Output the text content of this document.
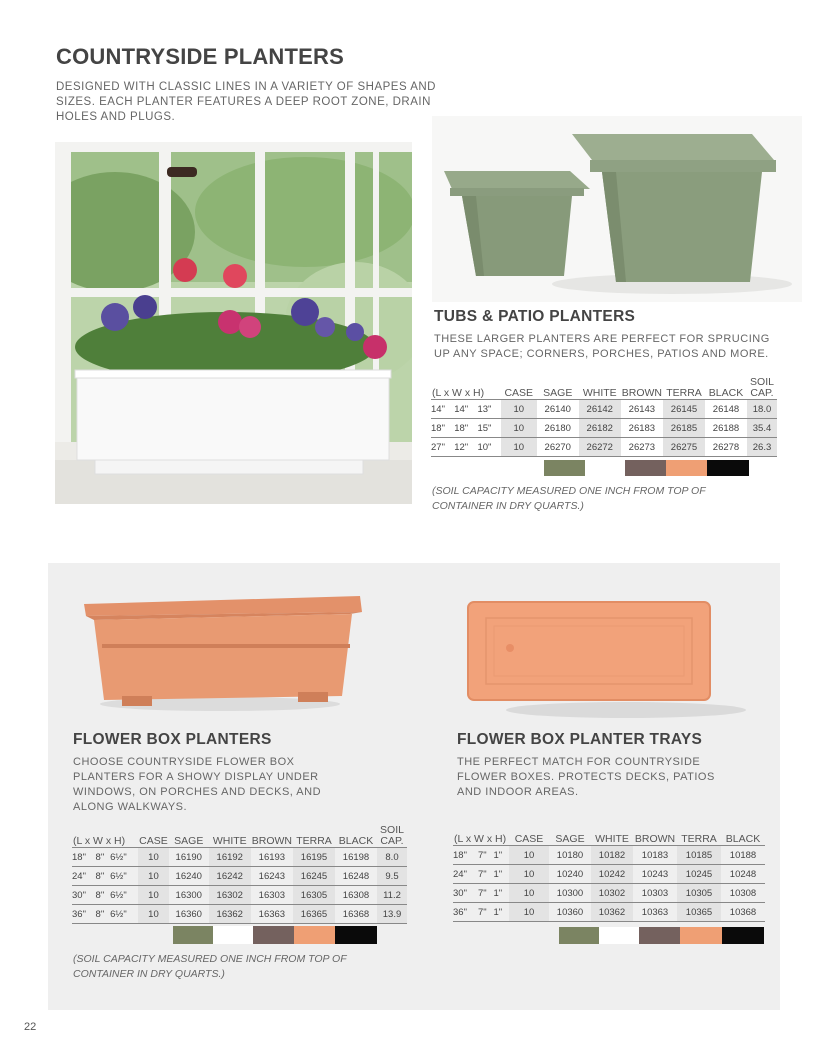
COUNTRYSIDE PLANTERS
DESIGNED WITH CLASSIC LINES IN A VARIETY OF SHAPES AND SIZES. EACH PLANTER FEATURES A DEEP ROOT ZONE, DRAIN HOLES AND PLUGS.
TUBS & PATIO PLANTERS
THESE LARGER PLANTERS ARE PERFECT FOR SPRUCING UP ANY SPACE; CORNERS, PORCHES, PATIOS AND MORE.
(L x W x H)			CASE	SAGE	WHITE	BROWN	TERRA	BLACK	SOIL CAP.
14ʺ	14ʺ	13ʺ	10	26140	26142	26143	26145	26148	18.0
18ʺ	18ʺ	15ʺ	10	26180	26182	26183	26185	26188	35.4
27ʺ	12ʺ	10ʺ	10	26270	26272	26273	26275	26278	26.3
(SOIL CAPACITY MEASURED ONE INCH FROM TOP OF CONTAINER IN DRY QUARTS.)
FLOWER BOX PLANTERS
CHOOSE COUNTRYSIDE FLOWER BOX PLANTERS FOR A SHOWY DISPLAY UNDER WINDOWS, ON PORCHES AND DECKS, AND ALONG WALKWAYS.
(L x W x H)			CASE	SAGE	WHITE	BROWN	TERRA	BLACK	SOIL CAP.
18ʺ	8ʺ	6½ʺ	10	16190	16192	16193	16195	16198	8.0
24ʺ	8ʺ	6½ʺ	10	16240	16242	16243	16245	16248	9.5
30ʺ	8ʺ	6½ʺ	10	16300	16302	16303	16305	16308	11.2
36ʺ	8ʺ	6½ʺ	10	16360	16362	16363	16365	16368	13.9
(SOIL CAPACITY MEASURED ONE INCH FROM TOP OF CONTAINER IN DRY QUARTS.)
FLOWER BOX PLANTER TRAYS
THE PERFECT MATCH FOR COUNTRYSIDE FLOWER BOXES. PROTECTS DECKS, PATIOS AND INDOOR AREAS.
(L x W x H)			CASE	SAGE	WHITE	BROWN	TERRA	BLACK
18ʺ	7ʺ	1ʺ	10	10180	10182	10183	10185	10188
24ʺ	7ʺ	1ʺ	10	10240	10242	10243	10245	10248
30ʺ	7ʺ	1ʺ	10	10300	10302	10303	10305	10308
36ʺ	7ʺ	1ʺ	10	10360	10362	10363	10365	10368
22
